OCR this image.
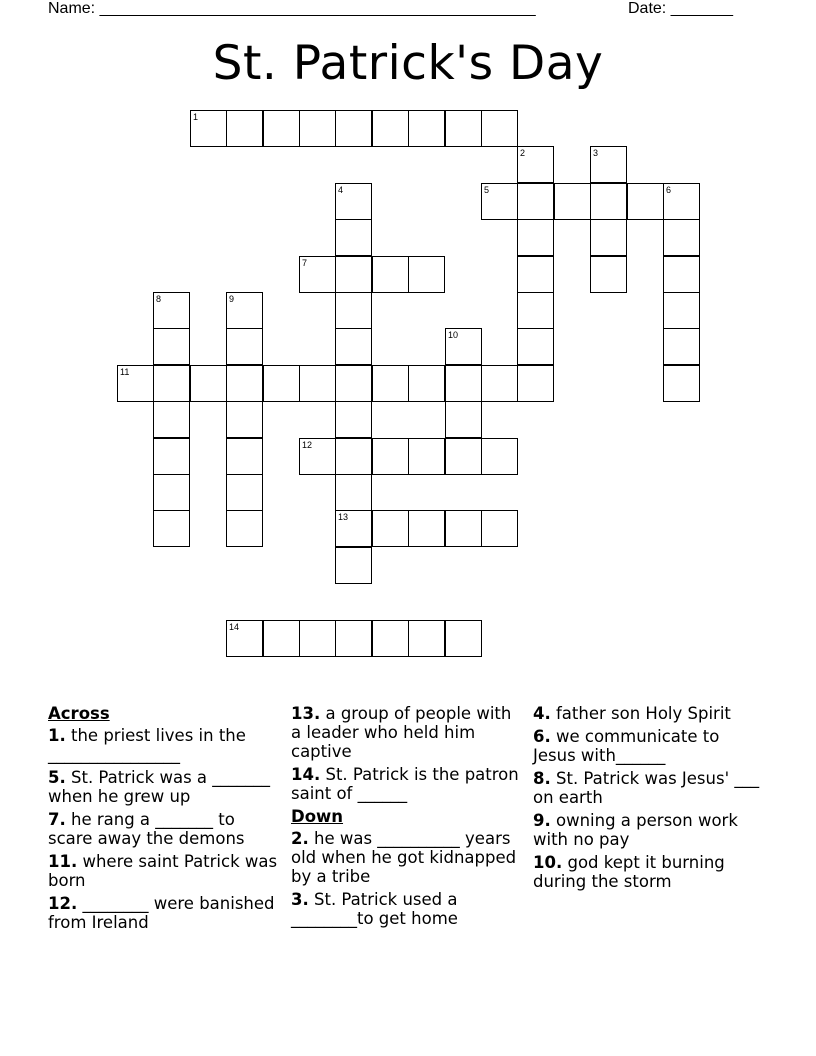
Name: _________________________________________________	Date: _______
St. Patrick's Day
1
2	3
4	5	6
7
8	9
10
11
12
13
14
Across
1. the priest lives in the ________________
5. St. Patrick was a _______ when he grew up
7. he rang a _______ to scare away the demons
11. where saint Patrick was born
12. ________ were banished from Ireland
13. a group of people with a leader who held him captive
14. St. Patrick is the patron saint of ______
Down
2. he was __________ years old when he got kidnapped by a tribe
3. St. Patrick used a ________to get home
4. father son Holy Spirit
6. we communicate to Jesus with______
8. St. Patrick was Jesus' ___ on earth
9. owning a person work with no pay
10. god kept it burning during the storm
